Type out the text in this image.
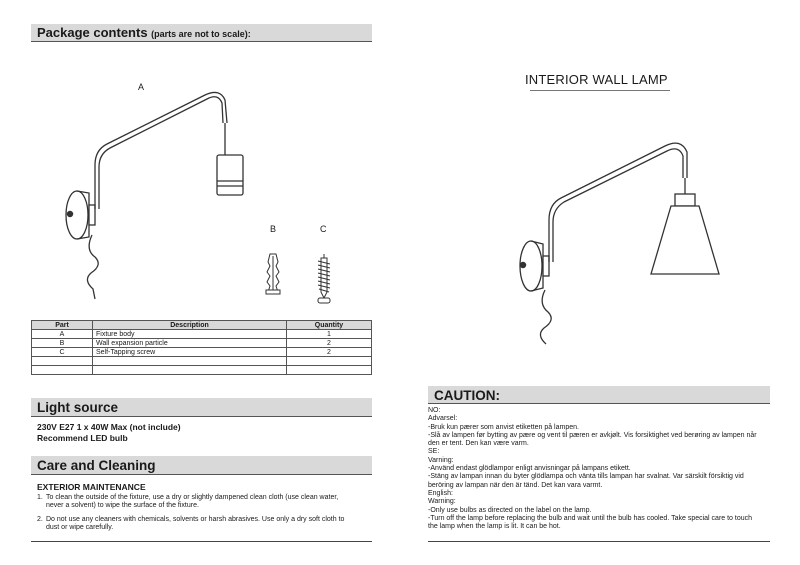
Package contents (parts are not to scale):
A
B	C
Part	Description	Quantity
A	Fixture body	1
B	Wall expansion particle	2
C	Self-Tapping screw	2

Light source
230V E27 1 x 40W Max (not include)
Recommend LED bulb
Care and Cleaning
EXTERIOR MAINTENANCE
1. To clean the outside of the fixture, use a dry or slightly dampened clean cloth (use clean water,
never a solvent) to wipe the surface of the fixture.
2. Do not use any cleaners with chemicals, solvents or harsh abrasives. Use only a dry soft cloth to
dust or wipe carefully.
INTERIOR WALL LAMP
CAUTION:
NO:
Advarsel:
-Bruk kun pærer som anvist etiketten på lampen.
-Slå av lampen før bytting av pære og vent til pæren er avkjølt. Vis forsiktighet ved berøring av lampen når
den er tent. Den kan være varm.
SE:
Varning:
-Använd endast glödlampor enligt anvisningar på lampans etikett.
-Stäng av lampan innan du byter glödlampa och vänta tills lampan har svalnat. Var särskilt försiktig vid
beröring av lampan när den är tänd. Det kan vara varmt.
English:
Warning:
-Only use bulbs as directed on the label on the lamp.
-Turn off the lamp before replacing the bulb and wait until the bulb has cooled. Take special care to touch
the lamp when the lamp is lit. It can be hot.
